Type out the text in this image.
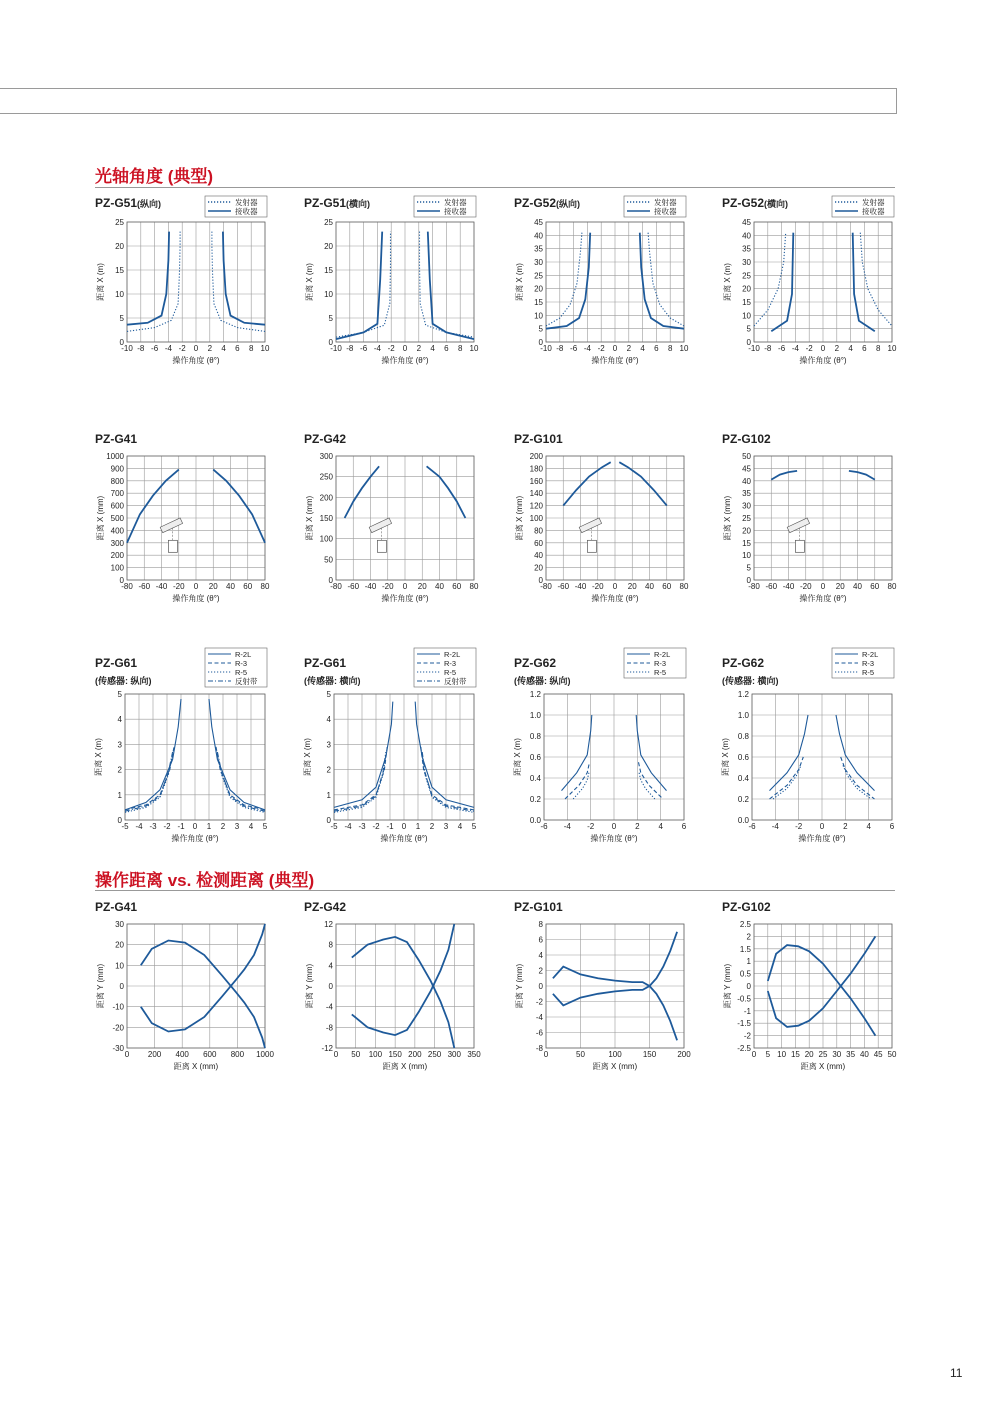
光轴角度 (典型)
操作距离 vs. 检测距离 (典型)
PZ-G51(纵向)
-10 -8 -6 -4 -2 0 2 4 6 8 10
0
5
10
15
20
25
操作角度 (θ°)
距离 X (m)
发射器
接收器
PZ-G51(横向)
-10 -8 -6 -4 -2 0 2 4 6 8 10
0
5
10
15
20
25
操作角度 (θ°)
距离 X (m)
发射器
接收器
PZ-G52(纵向)
-10 -8 -6 -4 -2 0 2 4 6 8 10
0
5
10
15
20
25
30
35
40
45
操作角度 (θ°)
距离 X (m)
发射器
接收器
PZ-G52(横向)
-10 -8 -6 -4 -2 0 2 4 6 8 10
0
5
10
15
20
25
30
35
40
45
操作角度 (θ°)
距离 X (m)
发射器
接收器
PZ-G41
-80 -60 -40 -20 0 20 40 60 80
0
100
200
300
400
500
600
700
800
900
1000
操作角度 (θ°)
距离 X (mm)
PZ-G42
-80 -60 -40 -20 0 20 40 60 80
0
50
100
150
200
250
300
操作角度 (θ°)
距离 X (mm)
PZ-G101
-80 -60 -40 -20 0 20 40 60 80
0
20
40
60
80
100
120
140
160
180
200
操作角度 (θ°)
距离 X (mm)
PZ-G102
-80 -60 -40 -20 0 20 40 60 80
0
5
10
15
20
25
30
35
40
45
50
操作角度 (θ°)
距离 X (mm)
PZ-G61
(传感器: 纵向)
-5 -4 -3 -2 -1 0 1 2 3 4 5
0
1
2
3
4
5
操作角度 (θ°)
距离 X (m)
R-2L
R-3
R-5
反射带
PZ-G61
(传感器: 横向)
-5 -4 -3 -2 -1 0 1 2 3 4 5
0
1
2
3
4
5
操作角度 (θ°)
距离 X (m)
R-2L
R-3
R-5
反射带
PZ-G62
(传感器: 纵向)
-6 -4 -2 0 2 4 6
0.0
0.2
0.4
0.6
0.8
1.0
1.2
操作角度 (θ°)
距离 X (m)
R-2L
R-3
R-5
PZ-G62
(传感器: 横向)
-6 -4 -2 0 2 4 6
0.0
0.2
0.4
0.6
0.8
1.0
1.2
操作角度 (θ°)
距离 X (m)
R-2L
R-3
R-5
PZ-G41
0 200 400 600 800 1000
-30
-20
-10
0
10
20
30
距离 X (mm)
距离 Y (mm)
PZ-G42
0 50 100 150 200 250 300 350
-12
-8
-4
0
4
8
12
距离 X (mm)
距离 Y (mm)
PZ-G101
0	50	100	150	200
-8
-6
-4
-2
0
2
4
6
8
距离 X (mm)
距离 Y (mm)
PZ-G102
0 5 10 15 20 25 30 35 40 45 50
-2.5
-2
-1.5
-1
-0.5
0
0.5
1
1.5
2
2.5
距离 X (mm)
距离 Y (mm)
11
